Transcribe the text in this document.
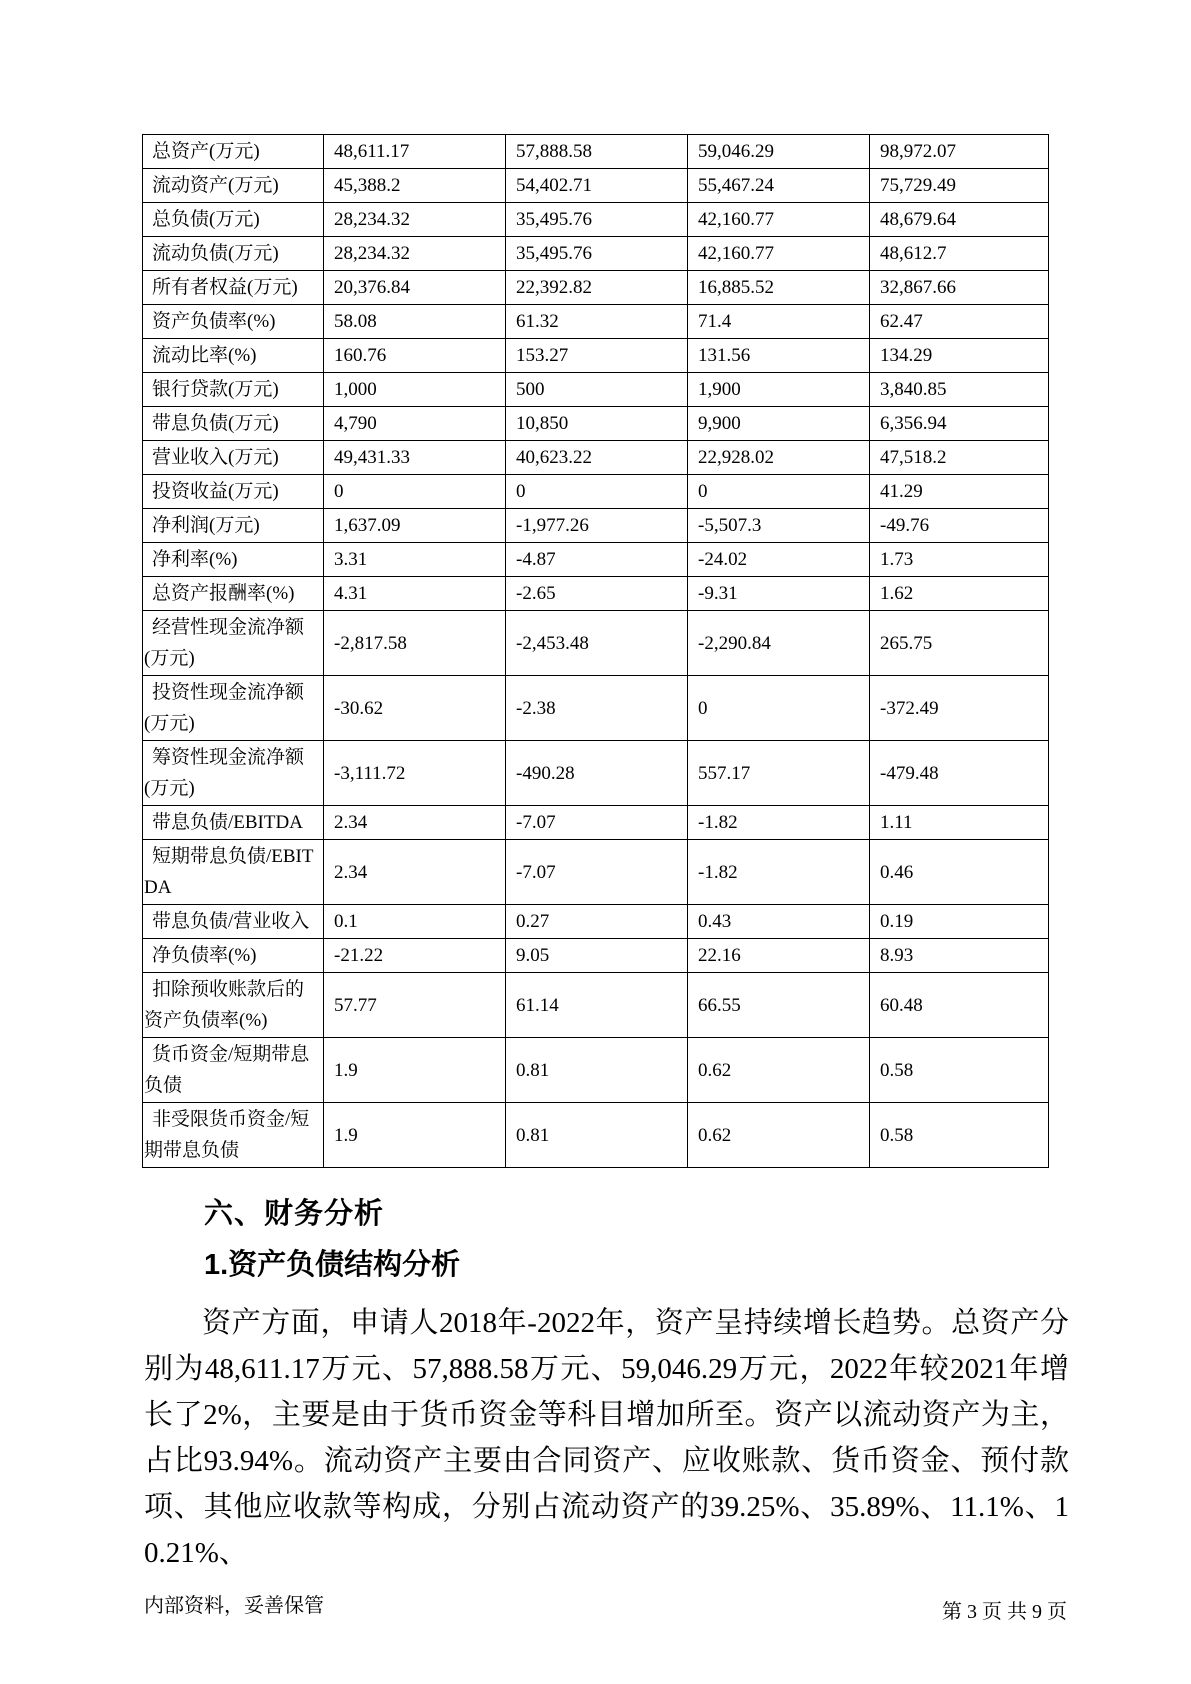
总资产(万元)	48,611.17	57,888.58	59,046.29	98,972.07
流动资产(万元)	45,388.2	54,402.71	55,467.24	75,729.49
总负债(万元)	28,234.32	35,495.76	42,160.77	48,679.64
流动负债(万元)	28,234.32	35,495.76	42,160.77	48,612.7
所有者权益(万元)	20,376.84	22,392.82	16,885.52	32,867.66
资产负债率(%)	58.08	61.32	71.4	62.47
流动比率(%)	160.76	153.27	131.56	134.29
银行贷款(万元)	1,000	500	1,900	3,840.85
带息负债(万元)	4,790	10,850	9,900	6,356.94
营业收入(万元)	49,431.33	40,623.22	22,928.02	47,518.2
投资收益(万元)	0	0	0	41.29
净利润(万元)	1,637.09	-1,977.26	-5,507.3	-49.76
净利率(%)	3.31	-4.87	-24.02	1.73
总资产报酬率(%)	4.31	-2.65	-9.31	1.62
经营性现金流净额(万元)	-2,817.58	-2,453.48	-2,290.84	265.75
投资性现金流净额(万元)	-30.62	-2.38	0	-372.49
筹资性现金流净额(万元)	-3,111.72	-490.28	557.17	-479.48
带息负债/EBITDA	2.34	-7.07	-1.82	1.11
短期带息负债/EBITDA	2.34	-7.07	-1.82	0.46
带息负债/营业收入	0.1	0.27	0.43	0.19
净负债率(%)	-21.22	9.05	22.16	8.93
扣除预收账款后的资产负债率(%)	57.77	61.14	66.55	60.48
货币资金/短期带息负债	1.9	0.81	0.62	0.58
非受限货币资金/短期带息负债	1.9	0.81	0.62	0.58
六、财务分析
1.资产负债结构分析
资产方面，申请人2018年-2022年，资产呈持续增长趋势。总资产分别为48,611.17万元、57,888.58万元、59,046.29万元，2022年较2021年增长了2%，主要是由于货币资金等科目增加所至。资产以流动资产为主，占比93.94%。流动资产主要由合同资产、应收账款、货币资金、预付款项、其他应收款等构成，分别占流动资产的39.25%、35.89%、11.1%、10.21%、
内部资料，妥善保管	第 3 页 共 9 页
